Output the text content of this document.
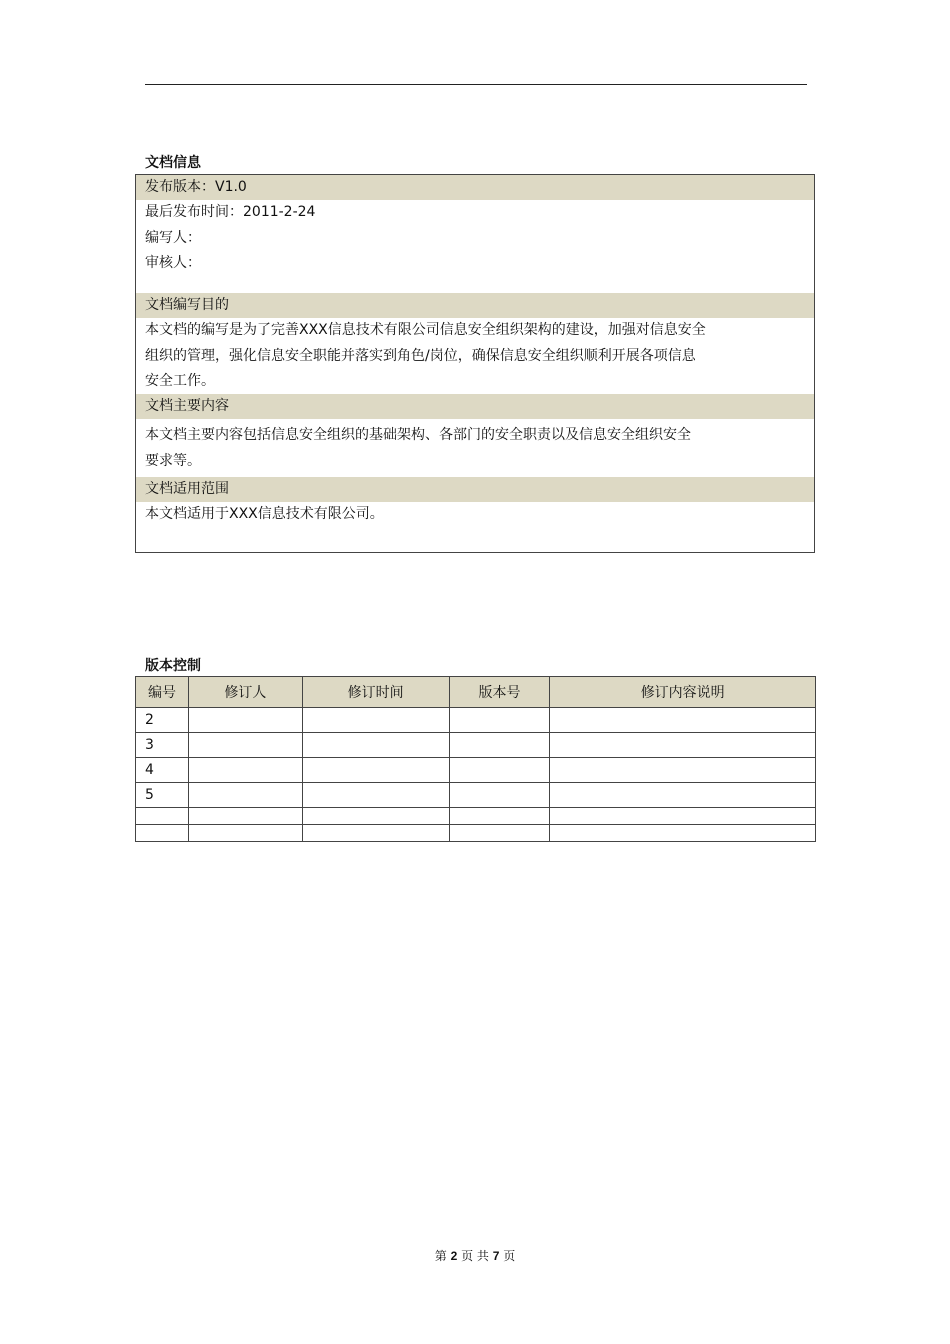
文档信息
发布版本：V1.0

最后发布时间：2011-2-24

编写人：

审核人：

文档编写目的

本文档的编写是为了完善XXX信息技术有限公司信息安全组织架构的建设，加强对信息安全

组织的管理，强化信息安全职能并落实到角色/岗位，确保信息安全组织顺利开展各项信息

安全工作。

文档主要内容

本文档主要内容包括信息安全组织的基础架构、各部门的安全职责以及信息安全组织安全

要求等。

文档适用范围

本文档适用于XXX信息技术有限公司。

版本控制
编号	修订人	修订时间	版本号	修订内容说明
2				
3				
4				
5				

第 2 页 共 7 页
